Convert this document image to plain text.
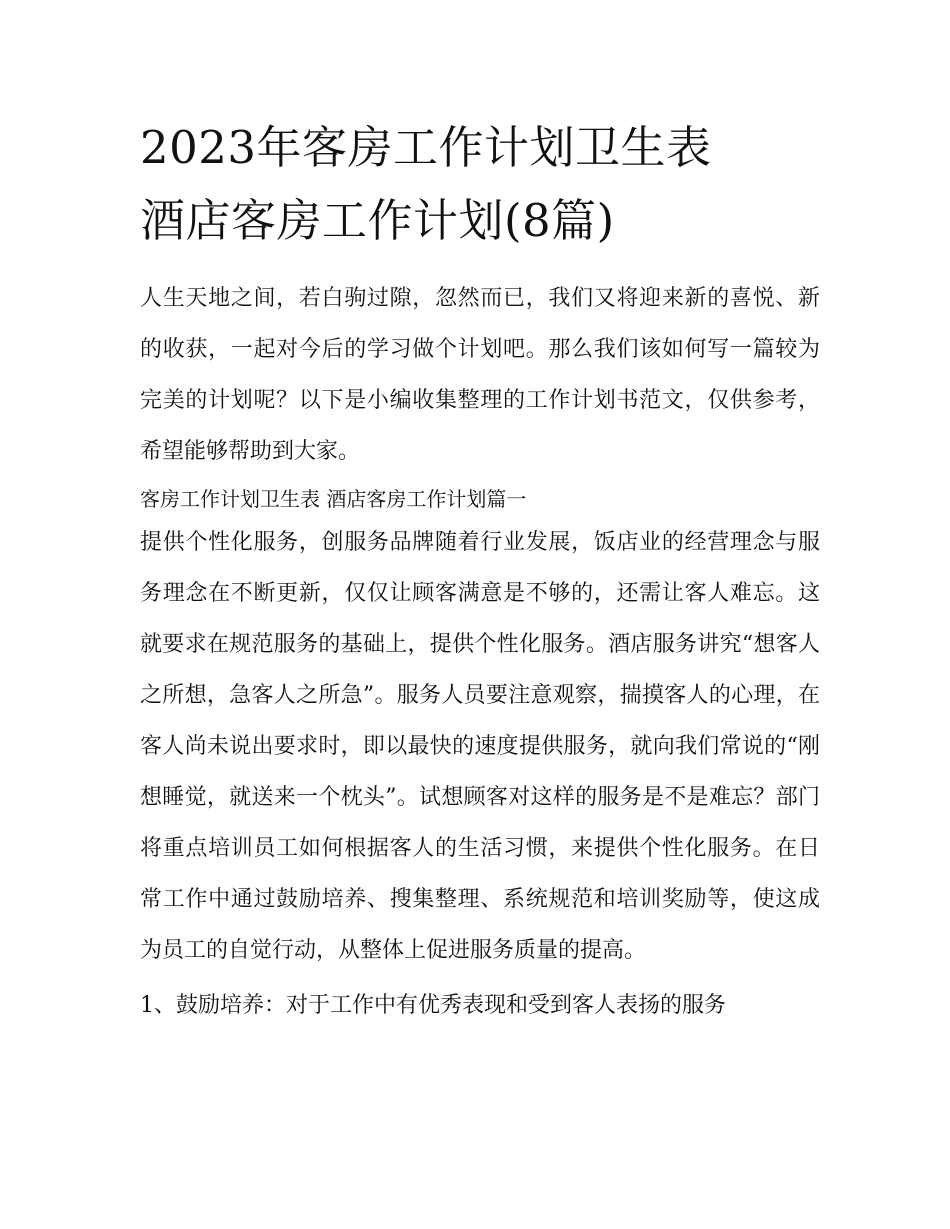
2023年客房工作计划卫生表
酒店客房工作计划(8篇)

人生天地之间，若白驹过隙，忽然而已，我们又将迎来新的喜悦、新的收获，一起对今后的学习做个计划吧。那么我们该如何写一篇较为完美的计划呢？以下是小编收集整理的工作计划书范文，仅供参考，希望能够帮助到大家。

客房工作计划卫生表 酒店客房工作计划篇一

提供个性化服务，创服务品牌随着行业发展，饭店业的经营理念与服务理念在不断更新，仅仅让顾客满意是不够的，还需让客人难忘。这就要求在规范服务的基础上，提供个性化服务。酒店服务讲究“想客人之所想，急客人之所急”。服务人员要注意观察，揣摸客人的心理，在客人尚未说出要求时，即以最快的速度提供服务，就向我们常说的“刚想睡觉，就送来一个枕头”。试想顾客对这样的服务是不是难忘？部门将重点培训员工如何根据客人的生活习惯，来提供个性化服务。在日常工作中通过鼓励培养、搜集整理、系统规范和培训奖励等，使这成为员工的自觉行动，从整体上促进服务质量的提高。

1、鼓励培养：对于工作中有优秀表现和受到客人表扬的服务
